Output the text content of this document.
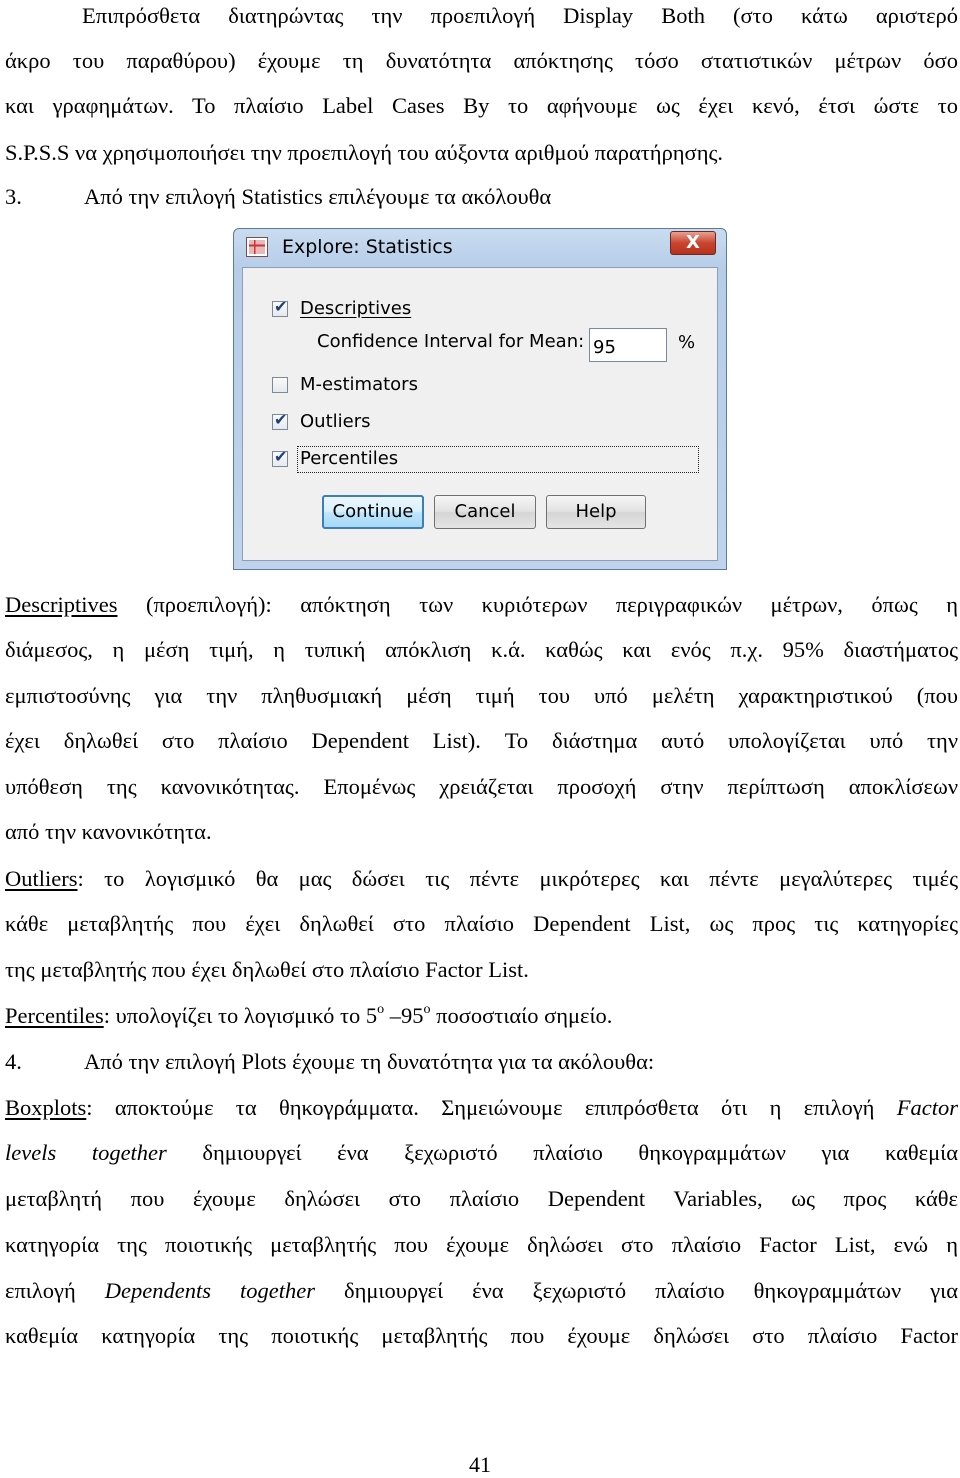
Επιπρόσθετα διατηρώντας την προεπιλογή Display Both (στο κάτω αριστερό
άκρο του παραθύρου) έχουμε τη δυνατότητα απόκτησης τόσο στατιστικών μέτρων όσο
και γραφημάτων. Το πλαίσιο Label Cases By το αφήνουμε ως έχει κενό, έτσι ώστε το
S.P.S.S να χρησιμοποιήσει την προεπιλογή του αύξοντα αριθμού παρατήρησης.
3.	Από την επιλογή Statistics επιλέγουμε τα ακόλουθα
Explore: Statistics	X
✔
Descriptives
Confidence Interval for Mean: 95	%
M-estimators
✔
Outliers
✔
Percentiles
Continue	Cancel	Help
Descriptives (προεπιλογή): απόκτηση των κυριότερων περιγραφικών μέτρων, όπως η
διάμεσος, η μέση τιμή, η τυπική απόκλιση κ.ά. καθώς και ενός π.χ. 95% διαστήματος
εμπιστοσύνης για την πληθυσμιακή μέση τιμή του υπό μελέτη χαρακτηριστικού (που
έχει δηλωθεί στο πλαίσιο Dependent List). Το διάστημα αυτό υπολογίζεται υπό την
υπόθεση της κανονικότητας. Επομένως χρειάζεται προσοχή στην περίπτωση αποκλίσεων
από την κανονικότητα.
Outliers: το λογισμικό θα μας δώσει τις πέντε μικρότερες και πέντε μεγαλύτερες τιμές
κάθε μεταβλητής που έχει δηλωθεί στο πλαίσιο Dependent List, ως προς τις κατηγορίες
της μεταβλητής που έχει δηλωθεί στο πλαίσιο Factor List.
Percentiles: υπολογίζει το λογισμικό το $5^o$ $-95^o$ ποσοστιαίο σημείο.
4.	Από την επιλογή Plots έχουμε τη δυνατότητα για τα ακόλουθα:
Boxplots: αποκτούμε τα θηκογράμματα. Σημειώνουμε επιπρόσθετα ότι η επιλογή Factor
levels together δημιουργεί ένα ξεχωριστό πλαίσιο θηκογραμμάτων για καθεμία
μεταβλητή που έχουμε δηλώσει στο πλαίσιο Dependent Variables, ως προς κάθε
κατηγορία της ποιοτικής μεταβλητής που έχουμε δηλώσει στο πλαίσιο Factor List, ενώ η
επιλογή Dependents together δημιουργεί ένα ξεχωριστό πλαίσιο θηκογραμμάτων για
καθεμία κατηγορία της ποιοτικής μεταβλητής που έχουμε δηλώσει στο πλαίσιο Factor
41
